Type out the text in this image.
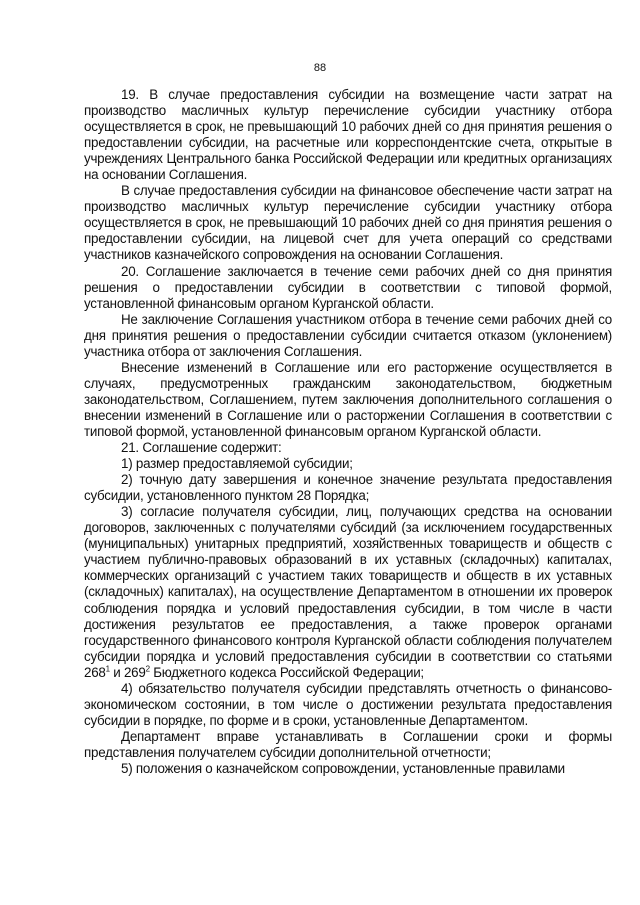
88

19. В случае предоставления субсидии на возмещение части затрат на производство масличных культур перечисление субсидии участнику отбора осуществляется в срок, не превышающий 10 рабочих дней со дня принятия решения о предоставлении субсидии, на расчетные или корреспондентские счета, открытые в учреждениях Центрального банка Российской Федерации или кредитных организациях на основании Соглашения.

В случае предоставления субсидии на финансовое обеспечение части затрат на производство масличных культур перечисление субсидии участнику отбора осуществляется в срок, не превышающий 10 рабочих дней со дня принятия решения о предоставлении субсидии, на лицевой счет для учета операций со средствами участников казначейского сопровождения на основании Соглашения.

20. Соглашение заключается в течение семи рабочих дней со дня принятия решения о предоставлении субсидии в соответствии с типовой формой, установленной финансовым органом Курганской области.

Не заключение Соглашения участником отбора в течение семи рабочих дней со дня принятия решения о предоставлении субсидии считается отказом (уклонением) участника отбора от заключения Соглашения.

Внесение изменений в Соглашение или его расторжение осуществляется в случаях, предусмотренных гражданским законодательством, бюджетным законодательством, Соглашением, путем заключения дополнительного соглашения о внесении изменений в Соглашение или о расторжении Соглашения в соответствии с типовой формой, установленной финансовым органом Курганской области.

21. Соглашение содержит:

1) размер предоставляемой субсидии;

2) точную дату завершения и конечное значение результата предоставления субсидии, установленного пунктом 28 Порядка;

3) согласие получателя субсидии, лиц, получающих средства на основании договоров, заключенных с получателями субсидий (за исключением государственных (муниципальных) унитарных предприятий, хозяйственных товариществ и обществ с участием публично-правовых образований в их уставных (складочных) капиталах, коммерческих организаций с участием таких товариществ и обществ в их уставных (складочных) капиталах), на осуществление Департаментом в отношении их проверок соблюдения порядка и условий предоставления субсидии, в том числе в части достижения результатов ее предоставления, а также проверок органами государственного финансового контроля Курганской области соблюдения получателем субсидии порядка и условий предоставления субсидии в соответствии со статьями $268^1$ и $269^2$ Бюджетного кодекса Российской Федерации;

4) обязательство получателя субсидии представлять отчетность о финансово-экономическом состоянии, в том числе о достижении результата предоставления субсидии в порядке, по форме и в сроки, установленные Департаментом.

Департамент вправе устанавливать в Соглашении сроки и формы представления получателем субсидии дополнительной отчетности;

5) положения о казначейском сопровождении, установленные правилами
